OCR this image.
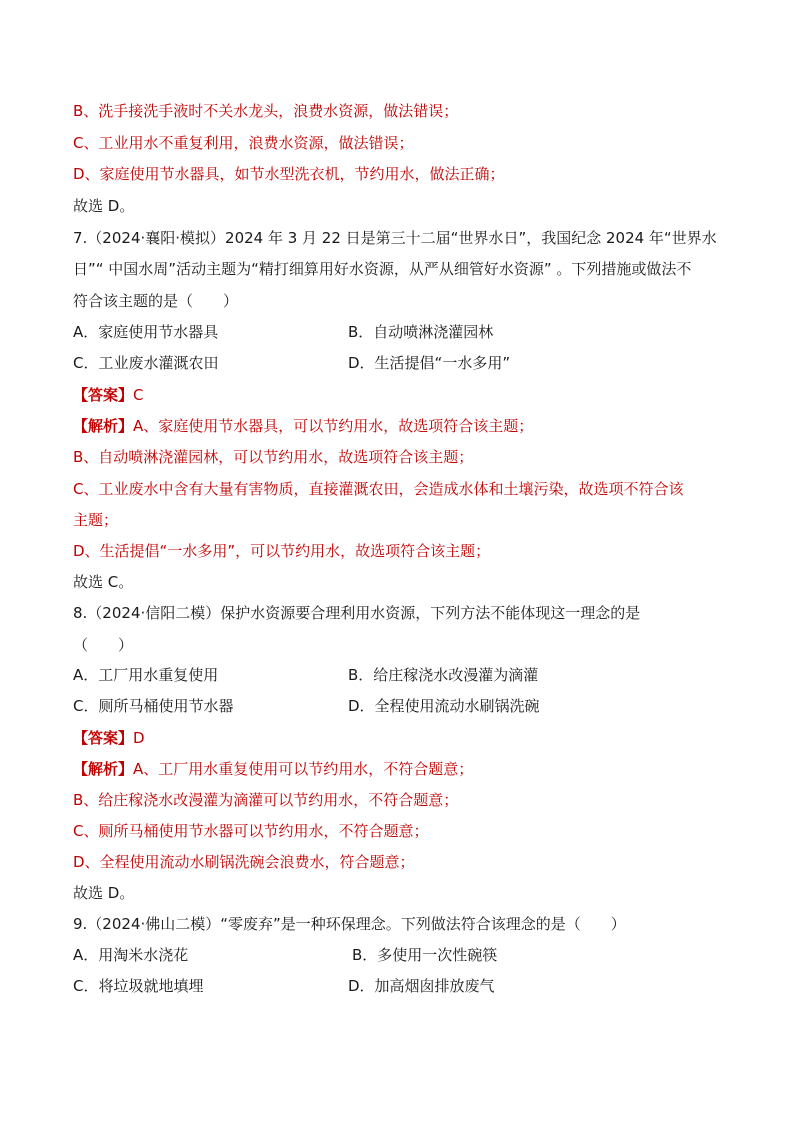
B、洗手接洗手液时不关水龙头，浪费水资源，做法错误；
C、工业用水不重复利用，浪费水资源，做法错误；
D、家庭使用节水器具，如节水型洗衣机，节约用水，做法正确；
故选 D。
7.（2024·襄阳·模拟）2024 年 3 月 22 日是第三十二届“世界水日”，我国纪念 2024 年“世界水
日”“ 中国水周”活动主题为“精打细算用好水资源，从严从细管好水资源” 。下列措施或做法不
符合该主题的是（　　）
A．家庭使用节水器具	B．自动喷淋浇灌园林
C．工业废水灌溉农田	D．生活提倡“一水多用”
【答案】C
【解析】A、家庭使用节水器具，可以节约用水，故选项符合该主题；
B、自动喷淋浇灌园林，可以节约用水，故选项符合该主题；
C、工业废水中含有大量有害物质，直接灌溉农田，会造成水体和土壤污染，故选项不符合该
主题；
D、生活提倡“一水多用”，可以节约用水，故选项符合该主题；
故选 C。
8.（2024·信阳二模）保护水资源要合理利用水资源，下列方法不能体现这一理念的是
（　　）
A．工厂用水重复使用	B．给庄稼浇水改漫灌为滴灌
C．厕所马桶使用节水器	D．全程使用流动水刷锅洗碗
【答案】D
【解析】A、工厂用水重复使用可以节约用水，不符合题意；
B、给庄稼浇水改漫灌为滴灌可以节约用水，不符合题意；
C、厕所马桶使用节水器可以节约用水，不符合题意；
D、全程使用流动水刷锅洗碗会浪费水，符合题意；
故选 D。
9.（2024·佛山二模）“零废弃”是一种环保理念。下列做法符合该理念的是（　　）
A．用淘米水浇花	B．多使用一次性碗筷
C．将垃圾就地填埋	D．加高烟囱排放废气
